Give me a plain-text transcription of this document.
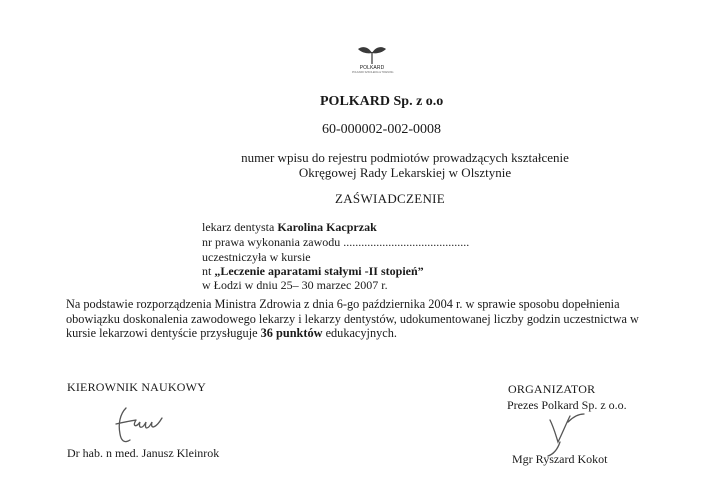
POLKARD
POLKARD SZKOLENIA & TRAINING
POLKARD Sp. z o.o
60-000002-002-0008
numer wpisu do rejestru podmiotów prowadzących kształcenie
Okręgowej Rady Lekarskiej w Olsztynie
ZAŚWIADCZENIE
lekarz dentysta Karolina Kacprzak
nr prawa wykonania zawodu ..........................................
uczestniczyła w kursie
nt „Leczenie aparatami stałymi -II stopień”
w Łodzi w dniu 25– 30 marzec 2007 r.
Na podstawie rozporządzenia Ministra Zdrowia z dnia 6-go października 2004 r. w sprawie sposobu dopełnienia obowiązku doskonalenia zawodowego lekarzy i lekarzy dentystów, udokumentowanej liczby godzin uczestnictwa w kursie lekarzowi dentyście przysługuje 36 punktów edukacyjnych.
KIEROWNIK NAUKOWY
Dr hab. n med. Janusz Kleinrok
ORGANIZATOR
Prezes Polkard Sp. z o.o.
Mgr Ryszard Kokot
